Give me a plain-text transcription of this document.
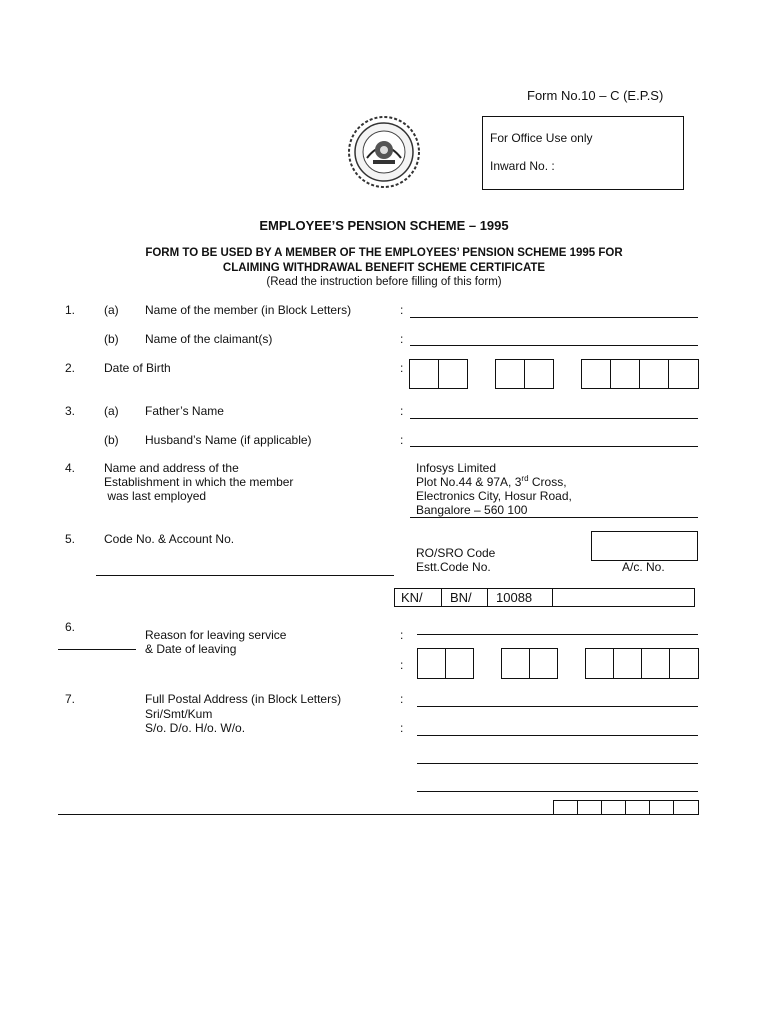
Form No.10 – C (E.P.S)
For Office Use only
Inward No. :
EMPLOYEE’S PENSION SCHEME – 1995
FORM TO BE USED BY A MEMBER OF THE EMPLOYEES’ PENSION SCHEME 1995 FOR
CLAIMING WITHDRAWAL BENEFIT SCHEME CERTIFICATE
(Read the instruction before filling of this form)
1. (a) Name of the member (in Block Letters)	:
(b) Name of the claimant(s)	:
2. Date of Birth	:
3. (a) Father’s Name	:
(b) Husband’s Name (if applicable)	:
4. Name and address of the
Establishment in which the member
was last employed
Infosys Limited
Plot No.44 & 97A, 3rd Cross,
Electronics City, Hosur Road,
Bangalore – 560 100
5. Code No. & Account No.
RO/SRO Code
Estt.Code No.	A/c. No.
KN/	BN/	10088
6.
Reason for leaving service
& Date of leaving
:
:
7.	Full Postal Address (in Block Letters)
Sri/Smt/Kum
S/o. D/o. H/o. W/o.
:
:
